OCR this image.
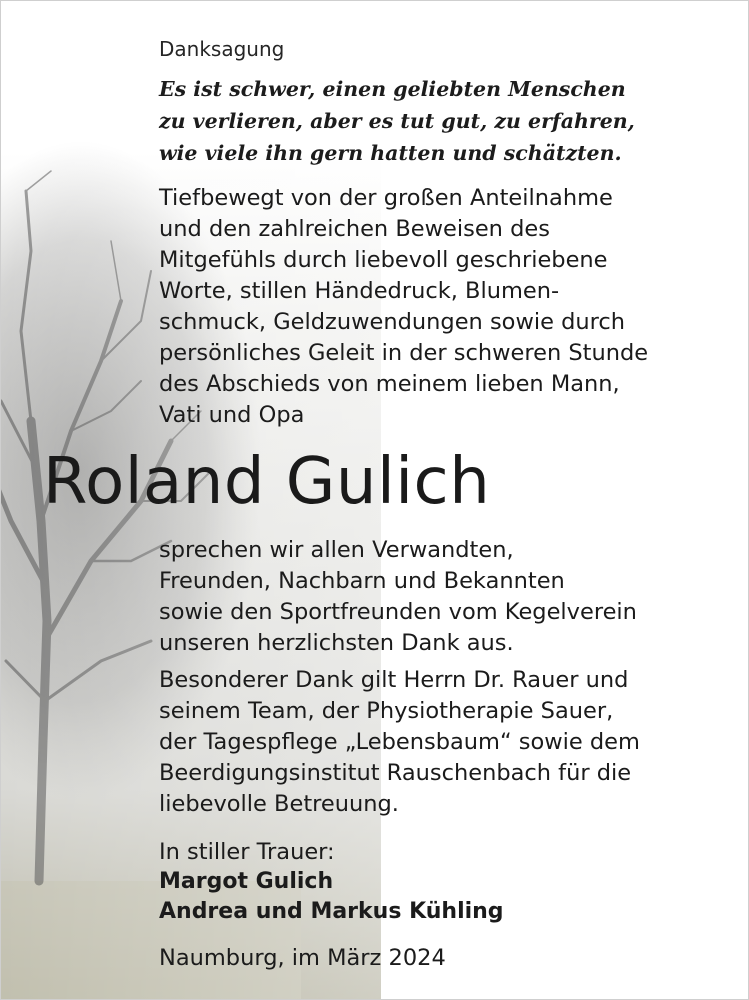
Danksagung

Es ist schwer, einen geliebten Menschen
zu verlieren, aber es tut gut, zu erfahren,
wie viele ihn gern hatten und schätzten.
Tiefbewegt von der großen Anteilnahme
und den zahlreichen Beweisen des
Mitgefühls durch liebevoll geschriebene
Worte, stillen Händedruck, Blumen-
schmuck, Geldzuwendungen sowie durch
persönliches Geleit in der schweren Stunde
des Abschieds von meinem lieben Mann,
Vati und Opa
Roland Gulich
sprechen wir allen Verwandten,
Freunden, Nachbarn und Bekannten
sowie den Sportfreunden vom Kegelverein
unseren herzlichsten Dank aus.
Besonderer Dank gilt Herrn Dr. Rauer und
seinem Team, der Physiotherapie Sauer,
der Tagespflege „Lebensbaum“ sowie dem
Beerdigungsinstitut Rauschenbach für die
liebevolle Betreuung.

In stiller Trauer:

Margot Gulich

Andrea und Markus Kühling

Naumburg, im März 2024
